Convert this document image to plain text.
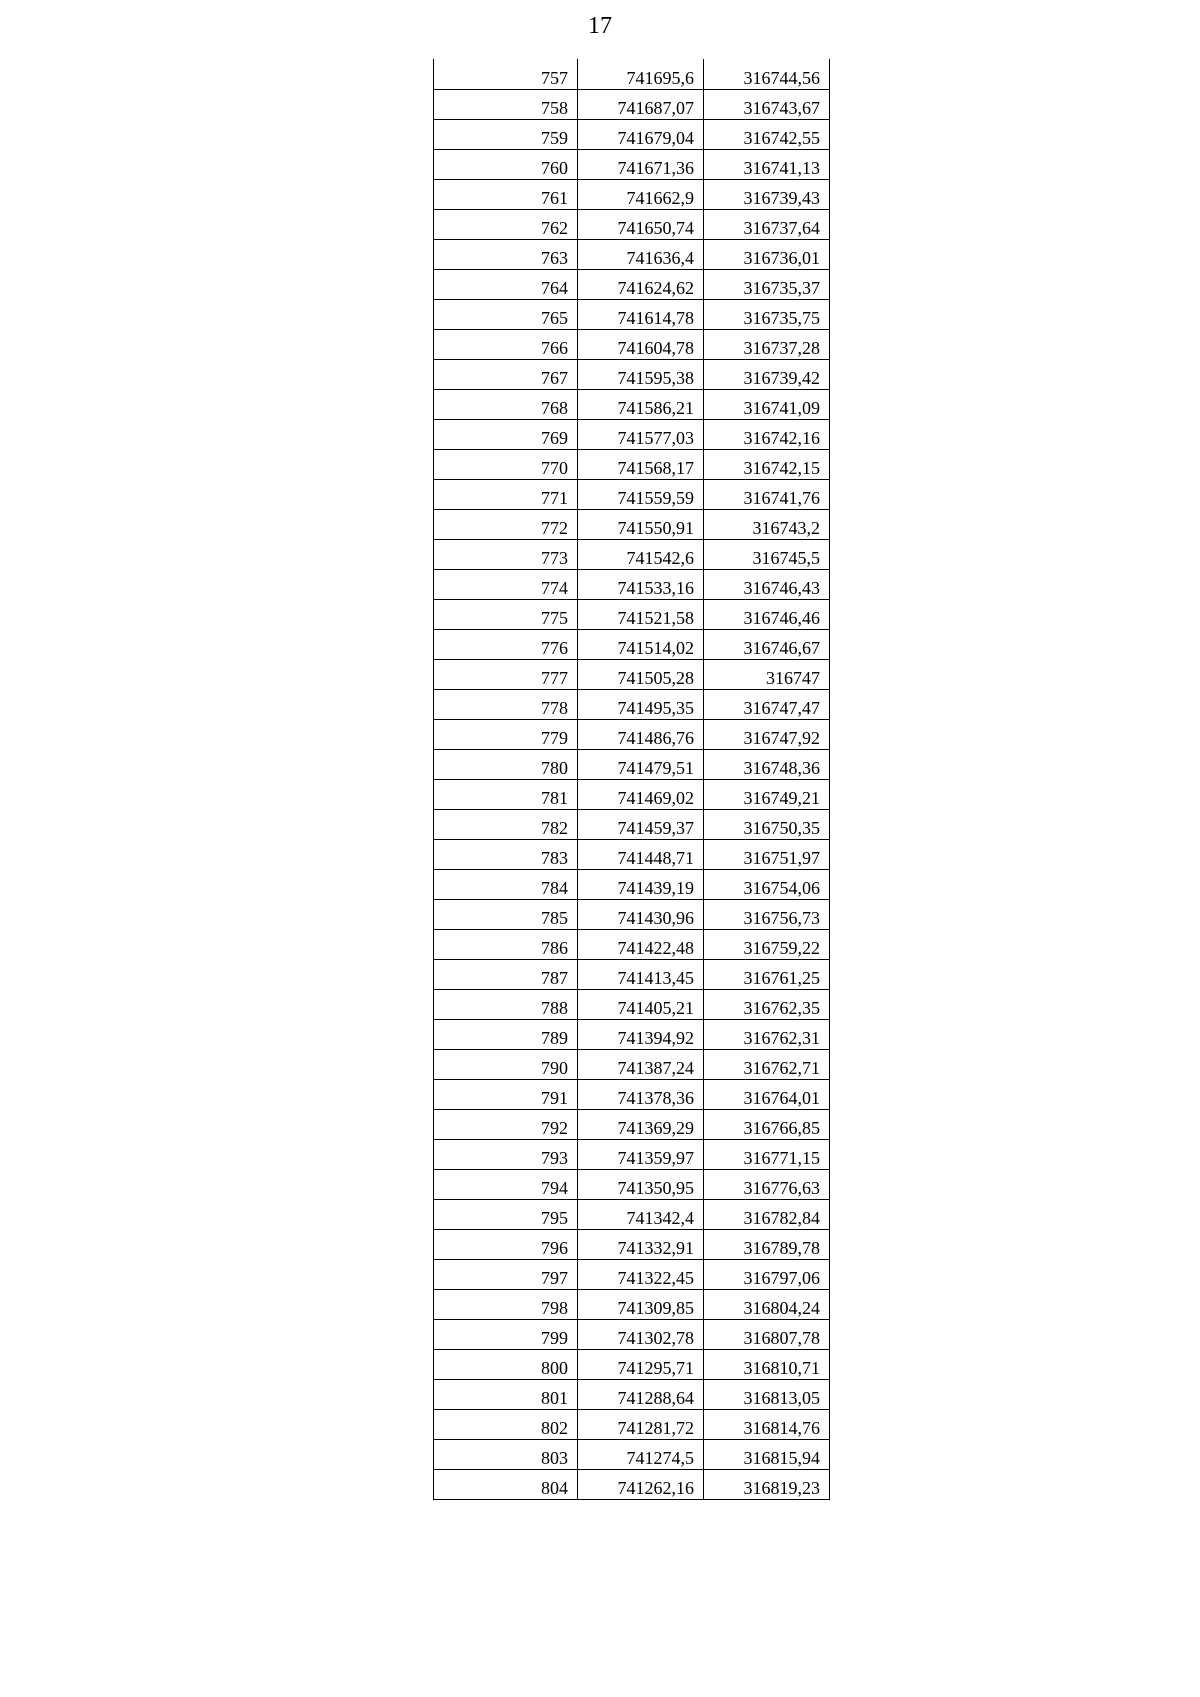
17
757	741695,6	316744,56
758	741687,07	316743,67
759	741679,04	316742,55
760	741671,36	316741,13
761	741662,9	316739,43
762	741650,74	316737,64
763	741636,4	316736,01
764	741624,62	316735,37
765	741614,78	316735,75
766	741604,78	316737,28
767	741595,38	316739,42
768	741586,21	316741,09
769	741577,03	316742,16
770	741568,17	316742,15
771	741559,59	316741,76
772	741550,91	316743,2
773	741542,6	316745,5
774	741533,16	316746,43
775	741521,58	316746,46
776	741514,02	316746,67
777	741505,28	316747
778	741495,35	316747,47
779	741486,76	316747,92
780	741479,51	316748,36
781	741469,02	316749,21
782	741459,37	316750,35
783	741448,71	316751,97
784	741439,19	316754,06
785	741430,96	316756,73
786	741422,48	316759,22
787	741413,45	316761,25
788	741405,21	316762,35
789	741394,92	316762,31
790	741387,24	316762,71
791	741378,36	316764,01
792	741369,29	316766,85
793	741359,97	316771,15
794	741350,95	316776,63
795	741342,4	316782,84
796	741332,91	316789,78
797	741322,45	316797,06
798	741309,85	316804,24
799	741302,78	316807,78
800	741295,71	316810,71
801	741288,64	316813,05
802	741281,72	316814,76
803	741274,5	316815,94
804	741262,16	316819,23
